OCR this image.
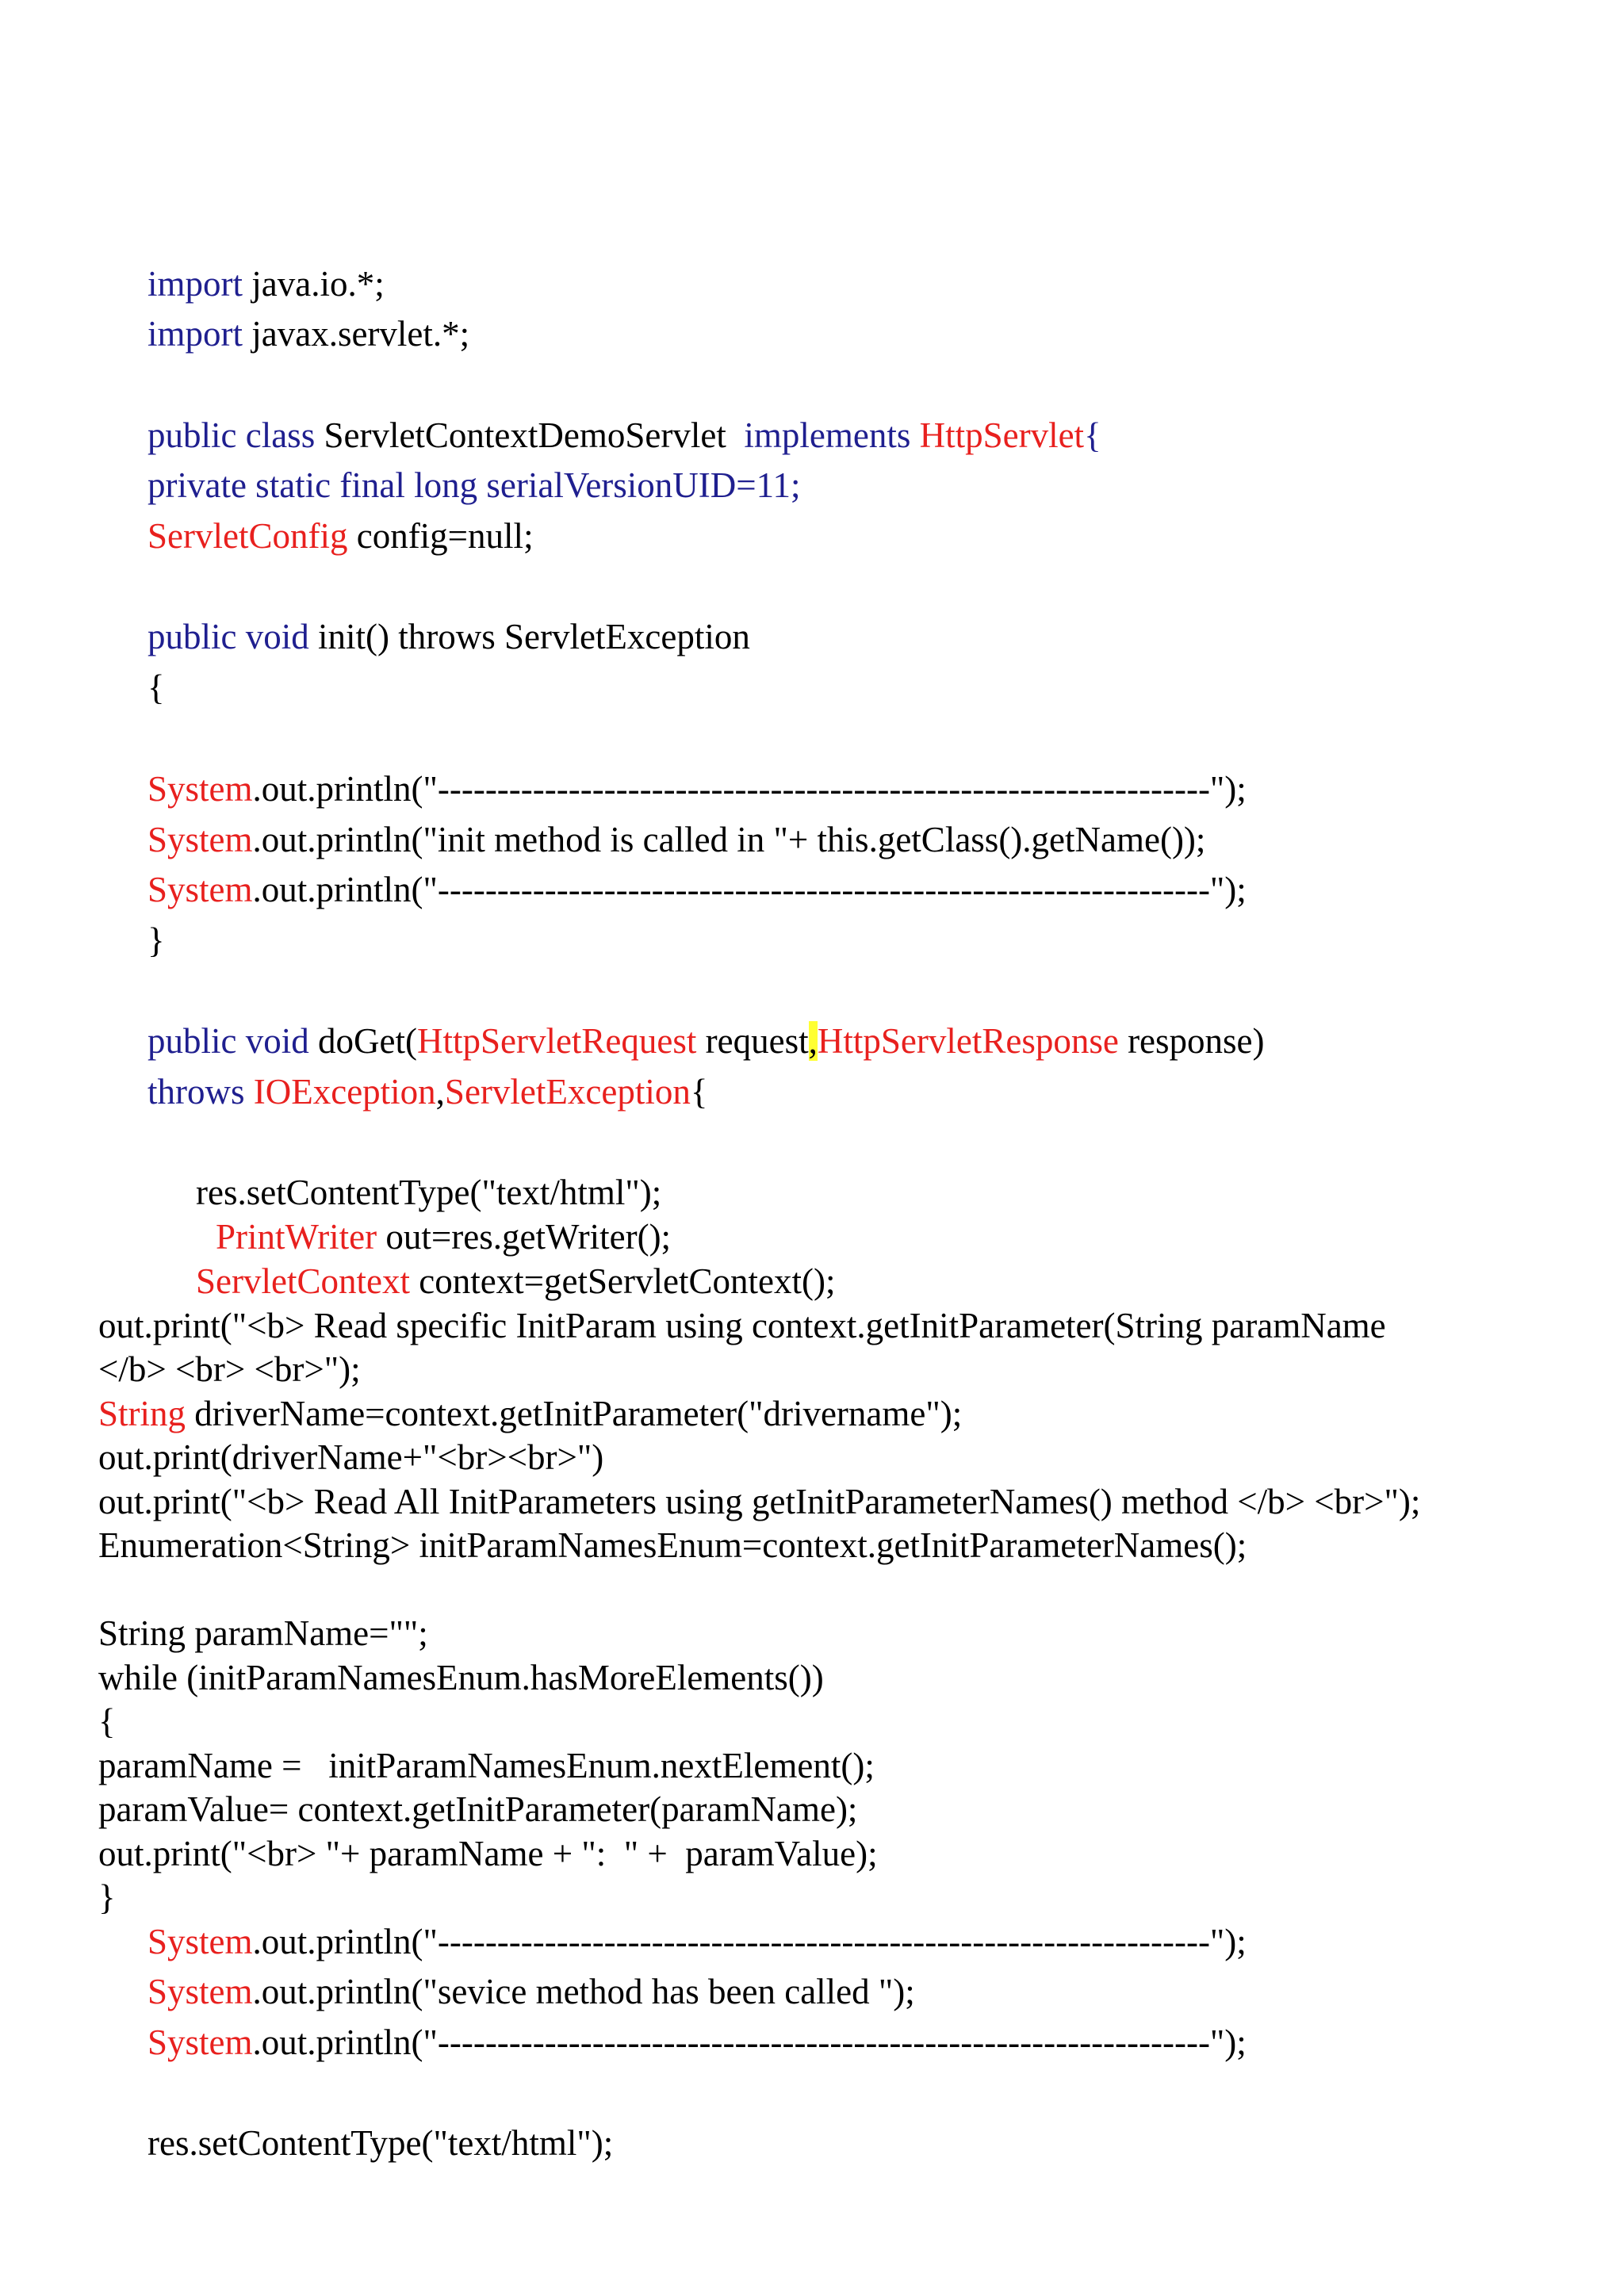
import java.io.*;

import javax.servlet.*;

public class ServletContextDemoServlet  implements HttpServlet{

private static final long serialVersionUID=11;

ServletConfig config=null;

public void init() throws ServletException

{

System.out.println("-----------------------------------------------------------------");

System.out.println("init method is called in "+ this.getClass().getName());

System.out.println("-----------------------------------------------------------------");

}

public void doGet(HttpServletRequest request,HttpServletResponse response)

throws IOException,ServletException{

res.setContentType("text/html");

PrintWriter out=res.getWriter();

ServletContext context=getServletContext();

out.print("<b> Read specific InitParam using context.getInitParameter(String paramName

</b> <br> <br>");

String driverName=context.getInitParameter("drivername");

out.print(driverName+"<br><br>")

out.print("<b> Read All InitParameters using getInitParameterNames() method </b> <br>");

Enumeration<String> initParamNamesEnum=context.getInitParameterNames();

String paramName="";

while (initParamNamesEnum.hasMoreElements())

{

paramName =   initParamNamesEnum.nextElement();

paramValue= context.getInitParameter(paramName);

out.print("<br> "+ paramName + ":  " +  paramValue);

}

System.out.println("-----------------------------------------------------------------");

System.out.println("sevice method has been called ");

System.out.println("-----------------------------------------------------------------");

res.setContentType("text/html");
